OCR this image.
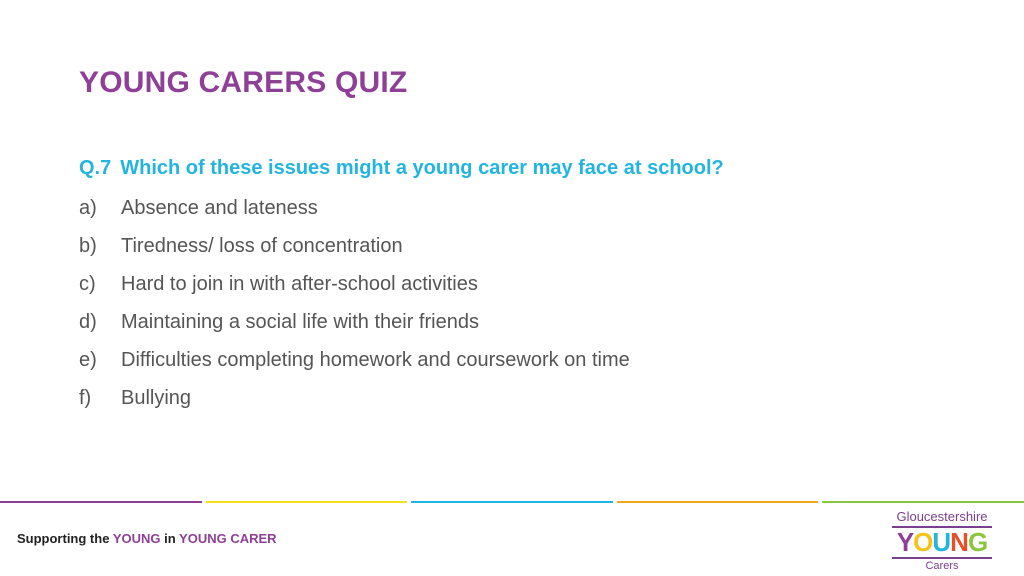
YOUNG CARERS QUIZ
Q.7 Which of these issues might a young carer may face at school?
a)	Absence and lateness
b)	Tiredness/ loss of concentration
c)	Hard to join in with after-school activities
d)	Maintaining a social life with their friends
e)	Difficulties completing homework and coursework on time
f)	Bullying
Supporting the YOUNG in YOUNG CARER
Gloucestershire
YOUNG
Carers
